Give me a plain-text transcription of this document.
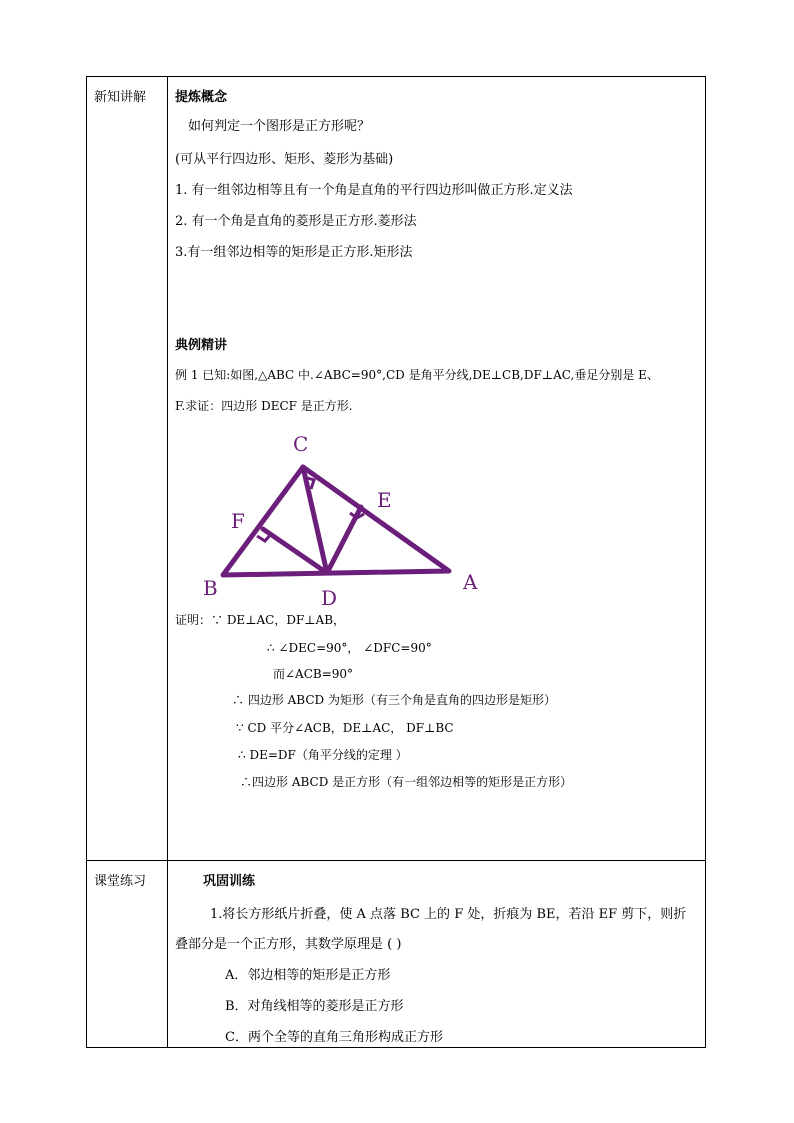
新知讲解
课堂练习
提炼概念
如何判定一个图形是正方形呢？
(可从平行四边形、矩形、菱形为基础)
1. 有一组邻边相等且有一个角是直角的平行四边形叫做正方形.定义法
2. 有一个角是直角的菱形是正方形.菱形法
3.有一组邻边相等的矩形是正方形.矩形法
典例精讲
例 1 已知:如图,△ABC 中.∠ABC=90°,CD 是角平分线,DE⊥CB,DF⊥AC,垂足分别是 E、
F.求证：四边形 DECF 是正方形.
C
E
F
B	D
A
证明：∵ DE⊥AC，DF⊥AB，
∴ ∠DEC=90°， ∠DFC=90°
而∠ACB=90°
∴ 四边形 ABCD 为矩形（有三个角是直角的四边形是矩形）
∵ CD 平分∠ACB，DE⊥AC， DF⊥BC
∴ DE=DF（角平分线的定理 ）
∴四边形 ABCD 是正方形（有一组邻边相等的矩形是正方形）
巩固训练
1.将长方形纸片折叠，使 A 点落 BC 上的 F 处，折痕为 BE，若沿 EF 剪下，则折
叠部分是一个正方形，其数学原理是 ( )
A．邻边相等的矩形是正方形
B．对角线相等的菱形是正方形
C．两个全等的直角三角形构成正方形
